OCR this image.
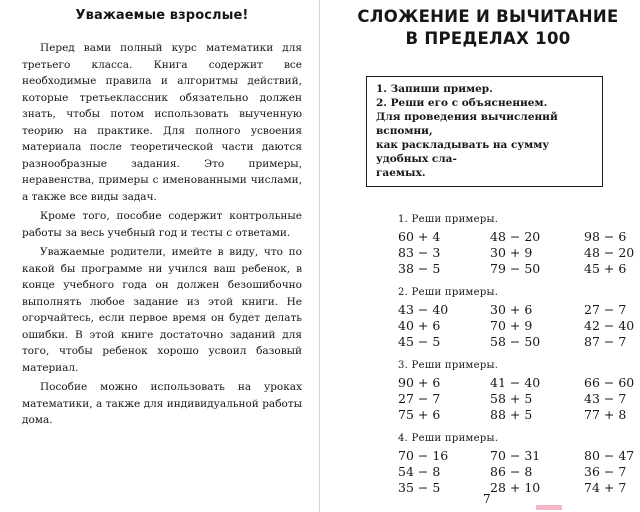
Уважаемые взрослые!

Перед вами полный курс математики для третьего класса. Книга содержит все необходимые правила и алгоритмы действий, которые третьеклассник обязательно должен знать, чтобы потом использовать выученную теорию на практике. Для полного усвоения материала после теоретической части даются разнообразные задания. Это примеры, неравенства, примеры с именованными числами, а также все виды задач.

Кроме того, пособие содержит контрольные работы за весь учебный год и тесты с ответами.

Уважаемые родители, имейте в виду, что по какой бы программе ни учился ваш ребенок, в конце учебного года он должен безошибочно выполнять любое задание из этой книги. Не огорчайтесь, если первое время он будет делать ошибки. В этой книге достаточно заданий для того, чтобы ребенок хорошо усвоил базовый материал.

Пособие можно использовать на уроках математики, а также для индивидуальной работы дома.

СЛОЖЕНИЕ И ВЫЧИТАНИЕ
В ПРЕДЕЛАХ 100
1. Запиши пример.
2. Реши его с объяснением.
Для проведения вычислений вспомни,
как раскладывать на сумму удобных сла-
гаемых.
1. Реши примеры.
60 + 4	48 − 20	98 − 6
83 − 3	30 + 9	48 − 20
38 − 5	79 − 50	45 + 6
2. Реши примеры.
43 − 40	30 + 6	27 − 7
40 + 6	70 + 9	42 − 40
45 − 5	58 − 50	87 − 7
3. Реши примеры.
90 + 6	41 − 40	66 − 60
27 − 7	58 + 5	43 − 7
75 + 6	88 + 5	77 + 8
4. Реши примеры.
70 − 16	70 − 31	80 − 47
54 − 8	86 − 8	36 − 7
35 − 5	28 + 10	74 + 7
7
